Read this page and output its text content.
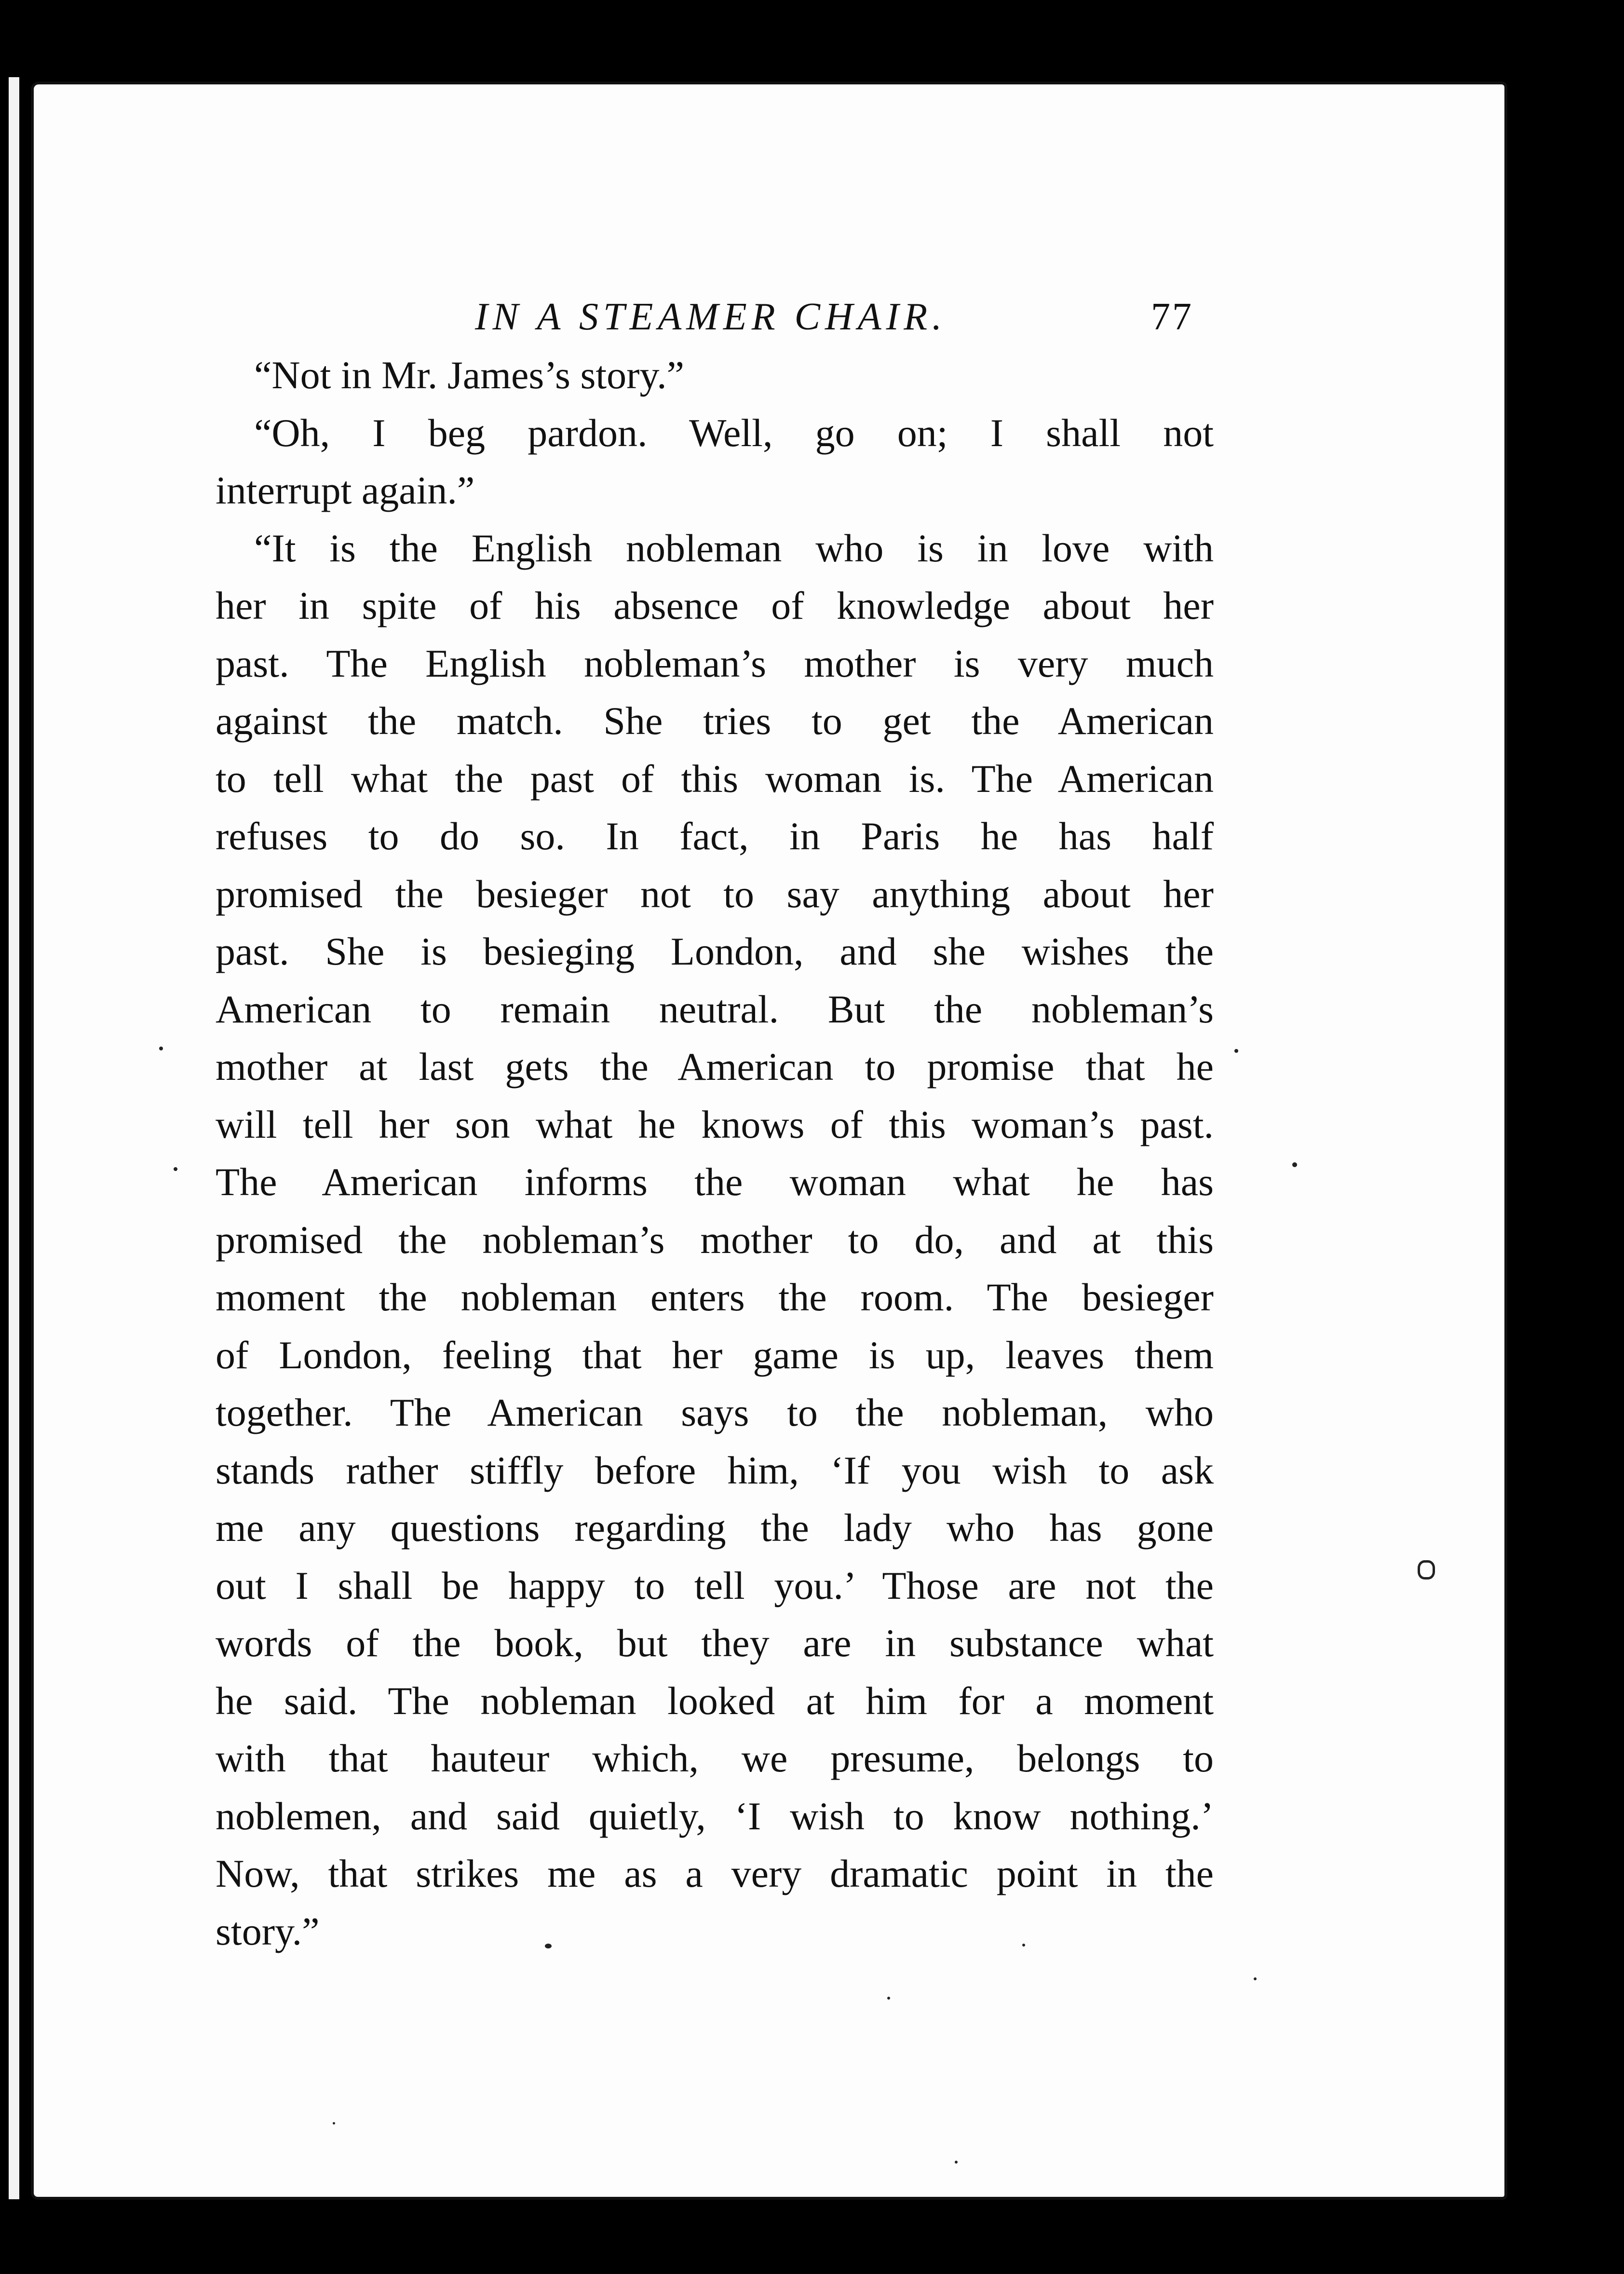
IN A STEAMER CHAIR.	77
“Not in Mr. James’s story.”
“Oh, I beg pardon. Well, go on; I shall not
interrupt again.”
“It is the English nobleman who is in love with
her in spite of his absence of knowledge about her
past. The English nobleman’s mother is very much
against the match. She tries to get the American
to tell what the past of this woman is. The American
refuses to do so. In fact, in Paris he has half
promised the besieger not to say anything about her
past. She is besieging London, and she wishes the
American to remain neutral. But the nobleman’s
mother at last gets the American to promise that he
will tell her son what he knows of this woman’s past.
The American informs the woman what he has
promised the nobleman’s mother to do, and at this
moment the nobleman enters the room. The besieger
of London, feeling that her game is up, leaves them
together. The American says to the nobleman, who
stands rather stiffly before him, ‘If you wish to ask
me any questions regarding the lady who has gone
out I shall be happy to tell you.’ Those are not the
words of the book, but they are in substance what
he said. The nobleman looked at him for a moment
with that hauteur which, we presume, belongs to
noblemen, and said quietly, ‘I wish to know nothing.’
Now, that strikes me as a very dramatic point in the
story.”
